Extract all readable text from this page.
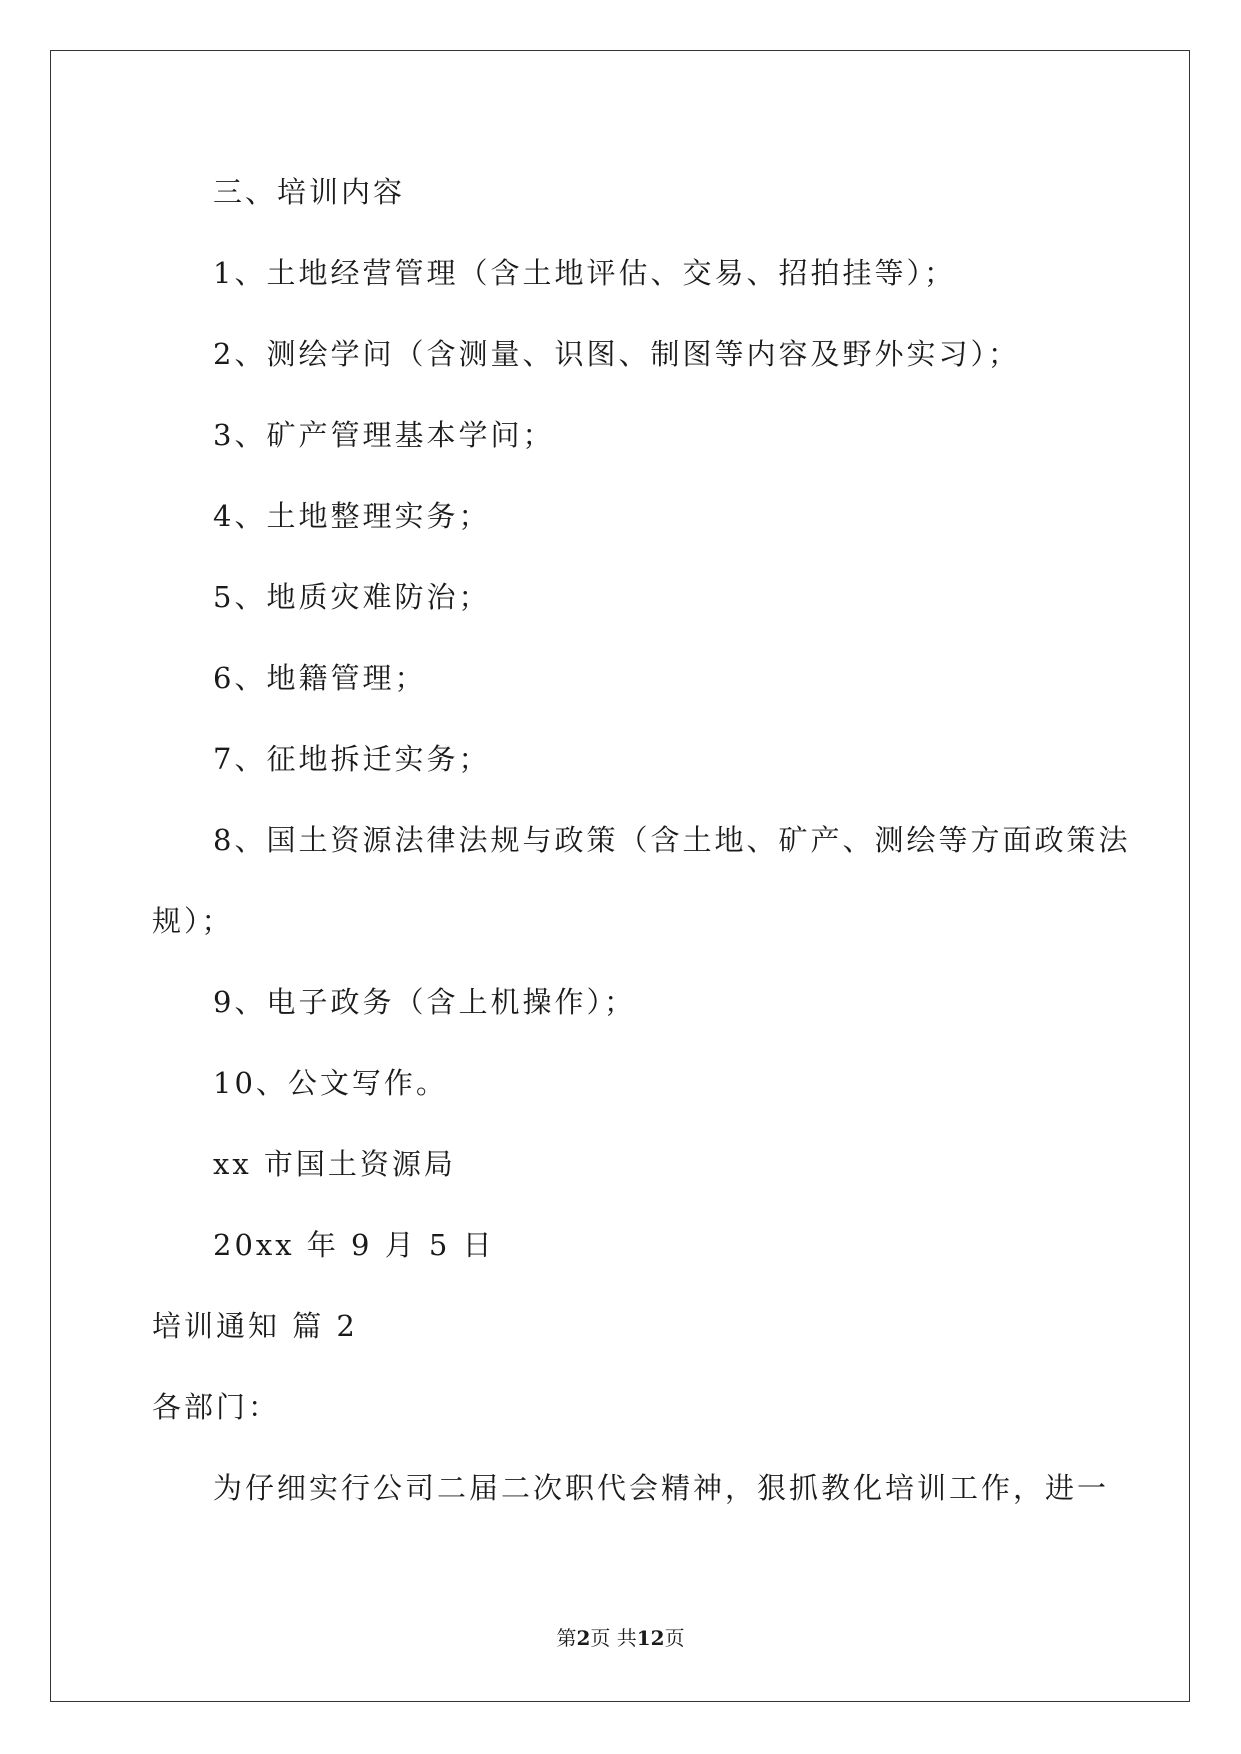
三、培训内容

1、土地经营管理（含土地评估、交易、招拍挂等）；

2、测绘学问（含测量、识图、制图等内容及野外实习）；

3、矿产管理基本学问；

4、土地整理实务；

5、地质灾难防治；

6、地籍管理；

7、征地拆迁实务；

8、国土资源法律法规与政策（含土地、矿产、测绘等方面政策法

规）；

9、电子政务（含上机操作）；

10、公文写作。

xx 市国土资源局

20xx 年 9 月 5 日

培训通知 篇 2

各部门：

为仔细实行公司二届二次职代会精神，狠抓教化培训工作，进一

第2页 共12页
